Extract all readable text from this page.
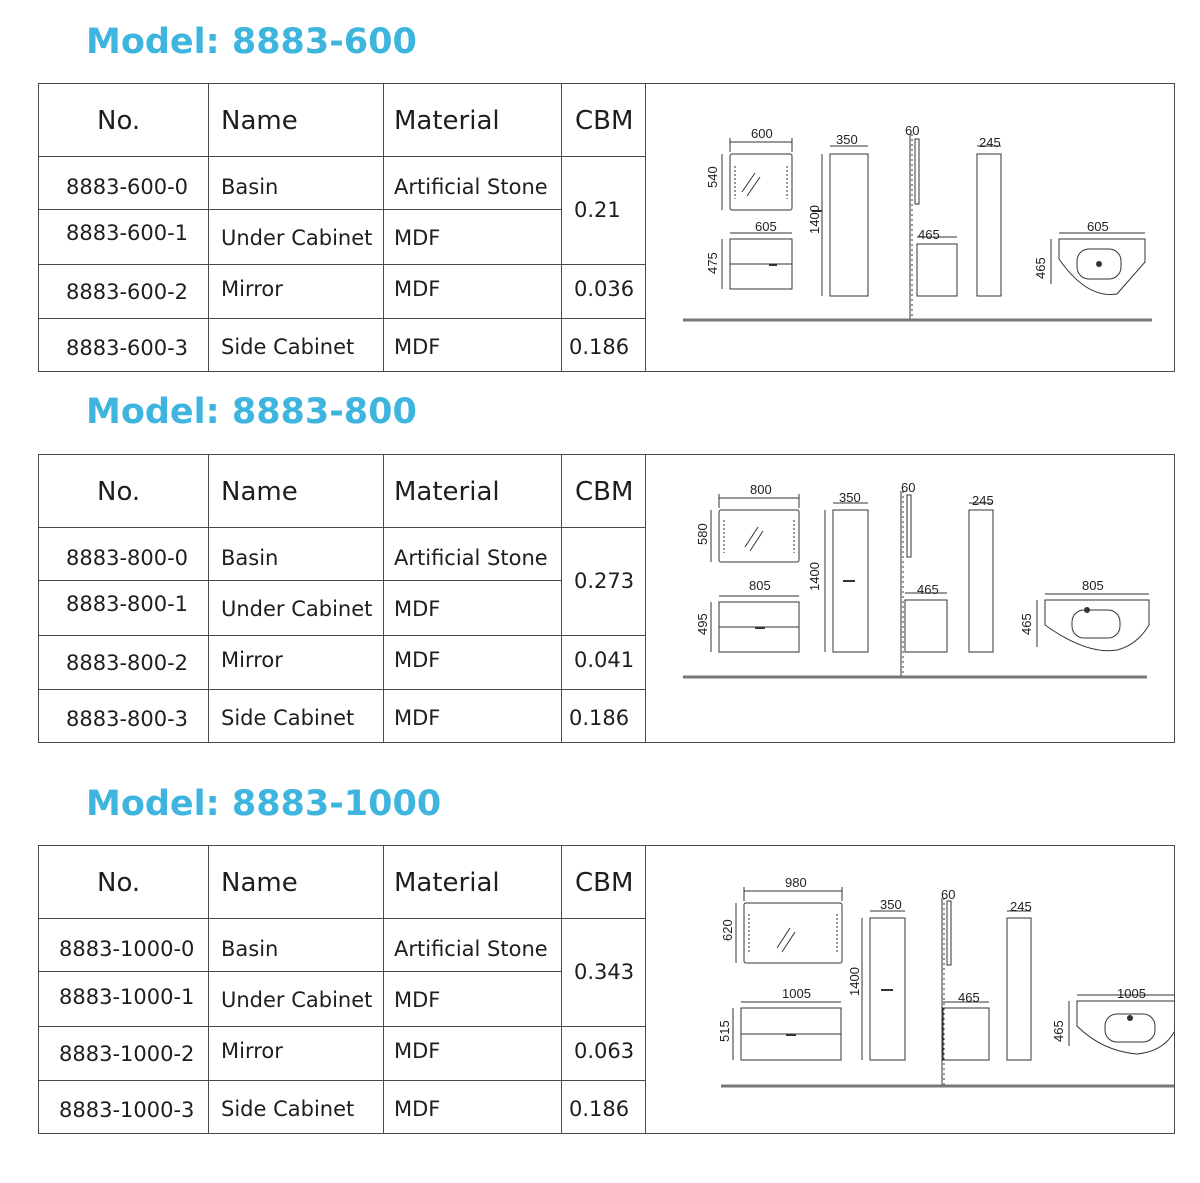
Model: 8883-600
No.	Name	Material	CBM
8883-600-0 Basin	Artificial Stone
8883-600-1 Under Cabinet MDF
0.21
8883-600-2 Mirror	MDF	0.036
8883-600-3 Side Cabinet MDF	0.186
600
540
605
475
350
1400
60
465
245
605
465
Model: 8883-800
No.	Name	Material	CBM
8883-800-0 Basin	Artificial Stone
8883-800-1 Under Cabinet MDF
0.273
8883-800-2 Mirror	MDF	0.041
8883-800-3 Side Cabinet MDF	0.186
800
580
805
495
350
1400
60
465
245
805
465
Model: 8883-1000
No.	Name	Material	CBM
8883-1000-0 Basin	Artificial Stone
8883-1000-1 Under Cabinet MDF
0.343
8883-1000-2 Mirror	MDF	0.063
8883-1000-3 Side Cabinet MDF	0.186
980
620
1005
515
350
1400
60
465
245
1005
465
